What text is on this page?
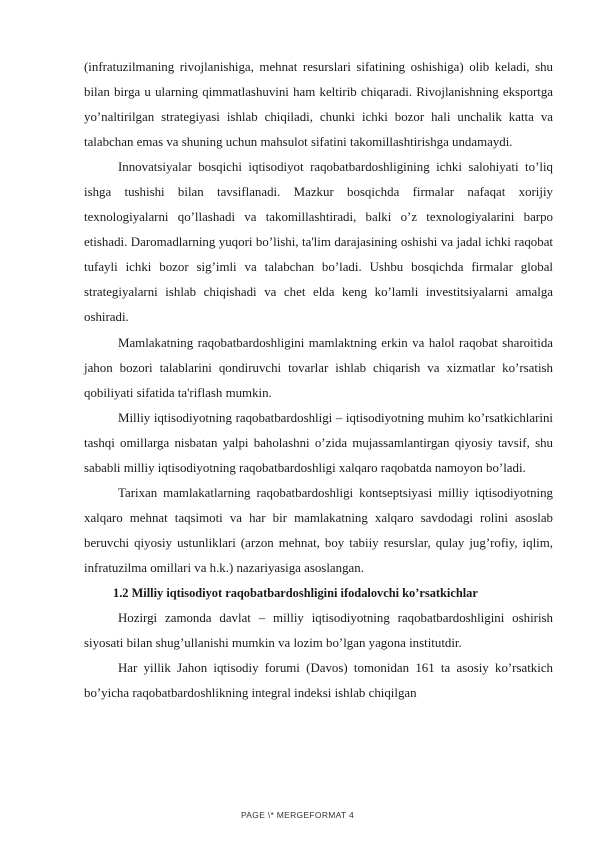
(infratuzilmaning rivojlanishiga, mehnat resurslari sifatining oshishiga) olib keladi, shu bilan birga u ularning qimmatlashuvini ham keltirib chiqaradi. Rivojlanishning eksportga yo’naltirilgan strategiyasi ishlab chiqiladi, chunki ichki bozor hali unchalik katta va talabchan emas va shuning uchun mahsulot sifatini takomillashtirishga undamaydi.

Innovatsiyalar bosqichi iqtisodiyot raqobatbardoshligining ichki salohiyati to’liq ishga tushishi bilan tavsiflanadi. Mazkur bosqichda firmalar nafaqat xorijiy texnologiyalarni qo’llashadi va takomillashtiradi, balki o’z texnologiyalarini barpo etishadi. Daromadlarning yuqori bo’lishi, ta'lim darajasining oshishi va jadal ichki raqobat tufayli ichki bozor sig’imli va talabchan bo’ladi. Ushbu bosqichda firmalar global strategiyalarni ishlab chiqishadi va chet elda keng ko’lamli investitsiyalarni amalga oshiradi.

Mamlakatning raqobatbardoshligini mamlaktning erkin va halol raqobat sharoitida jahon bozori talablarini qondiruvchi tovarlar ishlab chiqarish va xizmatlar ko’rsatish qobiliyati sifatida ta'riflash mumkin.

Milliy iqtisodiyotning raqobatbardoshligi – iqtisodiyotning muhim ko’rsatkichlarini tashqi omillarga nisbatan yalpi baholashni o’zida mujassamlantirgan qiyosiy tavsif, shu sababli milliy iqtisodiyotning raqobatbardoshligi xalqaro raqobatda namoyon bo’ladi.

Tarixan mamlakatlarning raqobatbardoshligi kontseptsiyasi milliy iqtisodiyotning xalqaro mehnat taqsimoti va har bir mamlakatning xalqaro savdodagi rolini asoslab beruvchi qiyosiy ustunliklari (arzon mehnat, boy tabiiy resurslar, qulay jug’rofiy, iqlim, infratuzilma omillari va h.k.) nazariyasiga asoslangan.

1.2 Milliy iqtisodiyot raqobatbardoshligini ifodalovchi ko’rsatkichlar

Hozirgi zamonda davlat – milliy iqtisodiyotning raqobatbardoshligini oshirish siyosati bilan shug’ullanishi mumkin va lozim bo’lgan yagona institutdir.

Har yillik Jahon iqtisodiy forumi (Davos) tomonidan 161 ta asosiy ko’rsatkich bo’yicha raqobatbardoshlikning integral indeksi ishlab chiqilgan

PAGE \* MERGEFORMAT 4
